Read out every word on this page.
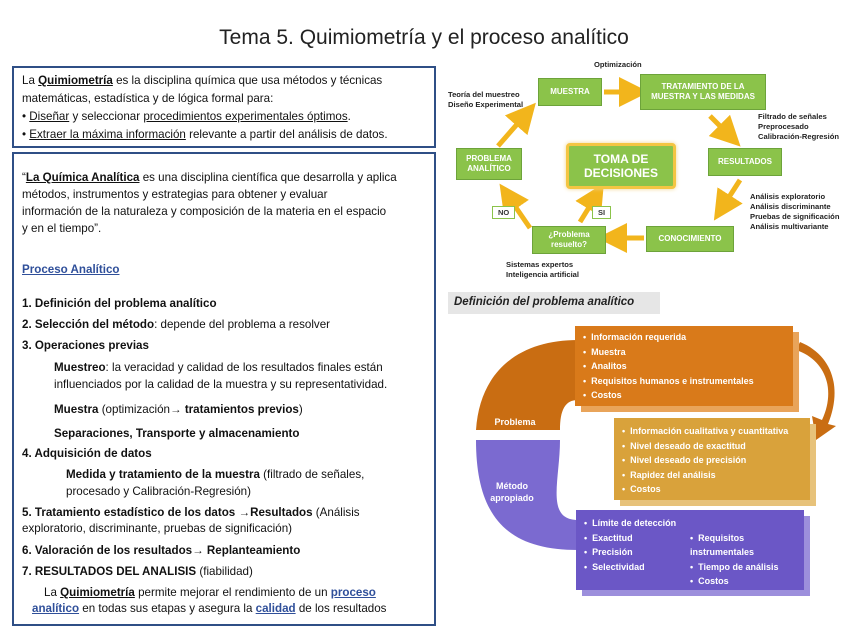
Tema 5. Quimiometría y el proceso analítico
La Quimiometría es la disciplina química que usa métodos y técnicas
matemáticas, estadística y de lógica formal para:
• Diseñar y seleccionar procedimientos experimentales óptimos.
• Extraer la máxima información relevante a partir del análisis de datos.
“La Química Analítica es una disciplina científica que desarrolla y aplica
métodos, instrumentos y estrategias para obtener y evaluar
información de la naturaleza y composición de la materia en el espacio
y en el tiempo”.
Proceso Analítico
1. Definición del problema analítico
2. Selección del método: depende del problema a resolver
3. Operaciones previas
Muestreo: la veracidad y calidad de los resultados finales están
influenciados por la calidad de la muestra y su representatividad.
Muestra (optimización→ tratamientos previos)
Separaciones, Transporte y almacenamiento
4. Adquisición de datos
Medida y tratamiento de la muestra (filtrado de señales,
procesado y Calibración-Regresión)
5. Tratamiento estadístico de los datos →Resultados (Análisis
exploratorio, discriminante, pruebas de significación)
6. Valoración de los resultados→ Replanteamiento
7. RESULTADOS DEL ANALISIS (fiabilidad)
La Quimiometría permite mejorar el rendimiento de un proceso
analítico en todas sus etapas y asegura la calidad de los resultados
MUESTRA
TRATAMIENTO DE LA MUESTRA Y LAS MEDIDAS
RESULTADOS
CONOCIMIENTO
¿Problema resuelto?
PROBLEMA ANALÍTICO
TOMA DE DECISIONES
NO	SI
Optimización
Teoría del muestreo
Diseño Experimental
Filtrado de señales
Preprocesado
Calibración-Regresión
Análisis exploratorio
Análisis discriminante
Pruebas de significación
Análisis multivariante
Sistemas expertos
Inteligencia artificial
Definición del problema analítico
Problema analítico
Método apropiado
• Información requerida
• Muestra
• Analitos
• Requisitos humanos e instrumentales
• Costos
• Información cualitativa y cuantitativa
• Nivel deseado de exactitud
• Nivel deseado de precisión
• Rapidez del análisis
• Costos
• Límite de detección
• Exactitud
• Precisión
• Selectividad
• Requisitos instrumentales
• Tiempo de análisis
• Costos
